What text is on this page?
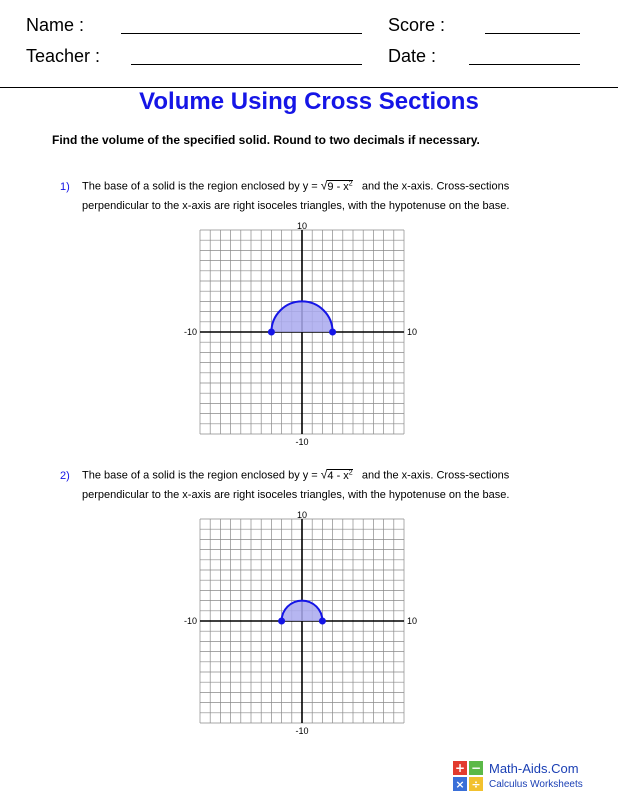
Name :	Score :
Teacher :	Date :
Volume Using Cross Sections
Find the volume of the specified solid. Round to two decimals if necessary.
1) The base of a solid is the region enclosed by $y = √9 - x^2$ and the x-axis. Cross-sections
perpendicular to the x-axis are right isoceles triangles, with the hypotenuse on the base.
10
-10
-10	10
2) The base of a solid is the region enclosed by $y = √4 - x^2$ and the x-axis. Cross-sections
perpendicular to the x-axis are right isoceles triangles, with the hypotenuse on the base.
10
-10
-10	10
+ −
× ÷
Math-Aids.Com
Calculus Worksheets
